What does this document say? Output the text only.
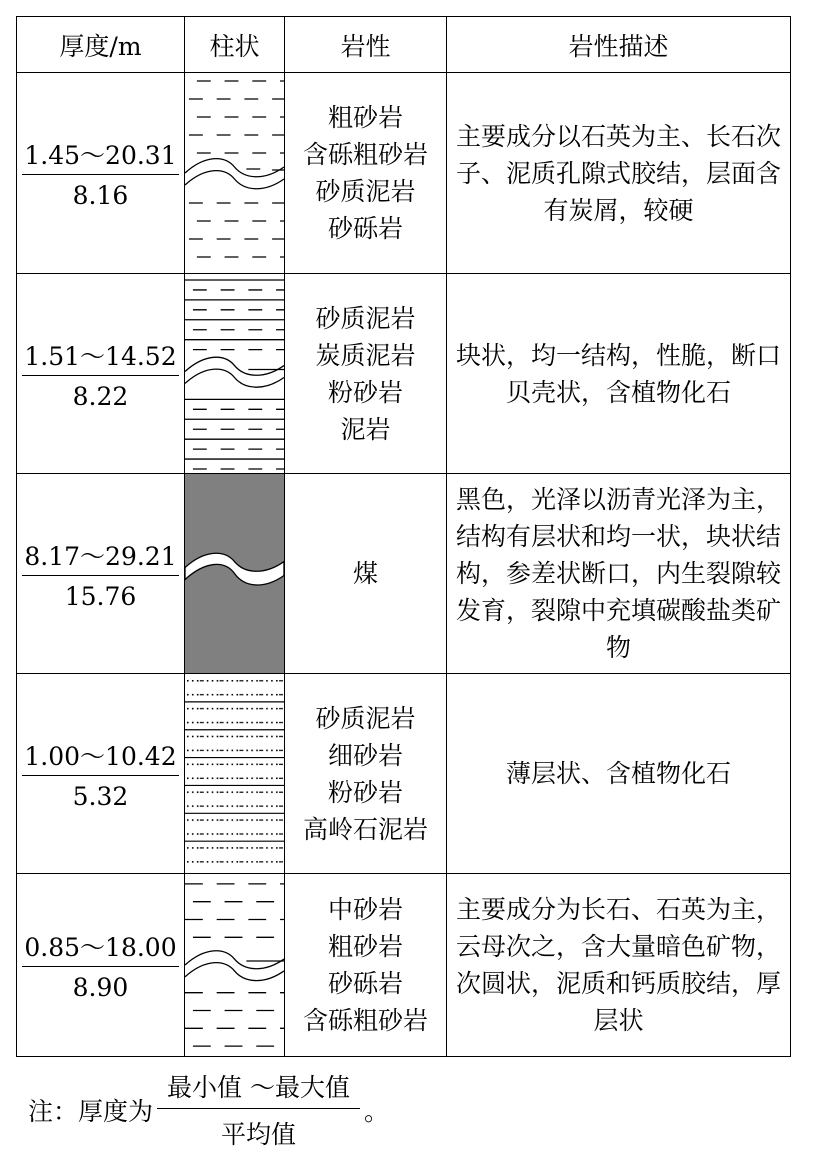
厚度/m	柱状	岩性	岩性描述

$\frac{1.45\sim 20.31}{8.16}$		粗砂岩
含砾粗砂岩
砂质泥岩
砂砾岩	主要成分以石英为主、长石次子、泥质孔隙式胶结，层面含有炭屑，较硬

$\frac{1.51\sim 14.52}{8.22}$		砂质泥岩
炭质泥岩
粉砂岩
泥岩	块状，均一结构，性脆，断口贝壳状，含植物化石

$\frac{8.17\sim 29.21}{15.76}$		煤	黑色，光泽以沥青光泽为主，结构有层状和均一状，块状结构，参差状断口，内生裂隙较发育，裂隙中充填碳酸盐类矿物

$\frac{1.00\sim 10.42}{5.32}$		砂质泥岩
细砂岩
粉砂岩
高岭石泥岩	薄层状、含植物化石

$\frac{0.85\sim 18.00}{8.90}$		中砂岩
粗砂岩
砂砾岩
含砾粗砂岩	主要成分为长石、石英为主，云母次之，含大量暗色矿物，次圆状，泥质和钙质胶结，厚层状
注：厚度为 $\frac{\text{最小值 ～最大值}}{\text{平均值}}$ 。
